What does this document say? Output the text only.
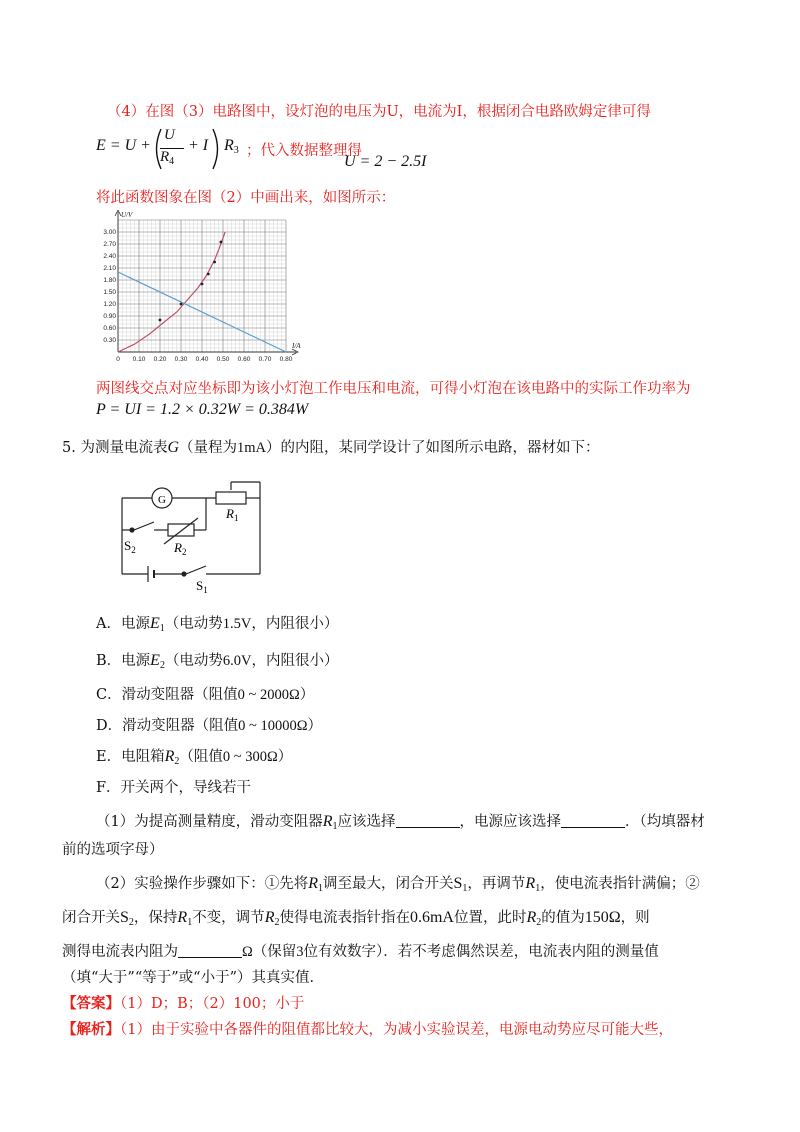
（4）在图（3）电路图中，设灯泡的电压为U，电流为I，根据闭合电路欧姆定律可得
E = U +
U
$R_4$
+ I $R_3$ ；代入数据整理得
U = 2 − 2.5I
将此函数图象在图（2）中画出来，如图所示：
0 0.10 0.20 0.30 0.40 0.50 0.60 0.70 0.80
0.30
0.60
0.90
1.20
1.50
1.80
2.10
2.40
2.70
3.00
U/V
I/A
两图线交点对应坐标即为该小灯泡工作电压和电流，可得小灯泡在该电路中的实际工作功率为
P = UI = 1.2 × 0.32W = 0.384W
5. 为测量电流表G（量程为1mA）的内阻，某同学设计了如图所示电路，器材如下：
G
$R_1$
$S_2$	$R_2$
$S_1$
A．电源$E_1$（电动势1.5V，内阻很小）
B．电源$E_2$（电动势6.0V，内阻很小）
C．滑动变阻器（阻值0 ~ 2000Ω）
D．滑动变阻器（阻值0 ~ 10000Ω）
E．电阻箱$R_2$（阻值0 ~ 300Ω）
F．开关两个，导线若干
（1）为提高测量精度，滑动变阻器$R_1$应该选择	，电源应该选择	．（均填器材
前的选项字母）
（2）实验操作步骤如下：①先将$R_1$调至最大，闭合开关$S_1$，再调节$R_1$，使电流表指针满偏；②
闭合开关$S_2$，保持$R_1$不变，调节$R_2$使得电流表指针指在0.6mA位置，此时$R_2$的值为150Ω，则
测得电流表内阻为	Ω（保留3位有效数字）．若不考虑偶然误差，电流表内阻的测量值
（填“大于”“等于”或“小于”）其真实值．
【答案】（1）D；B；（2）100；小于
【解析】（1）由于实验中各器件的阻值都比较大，为减小实验误差，电源电动势应尽可能大些，
